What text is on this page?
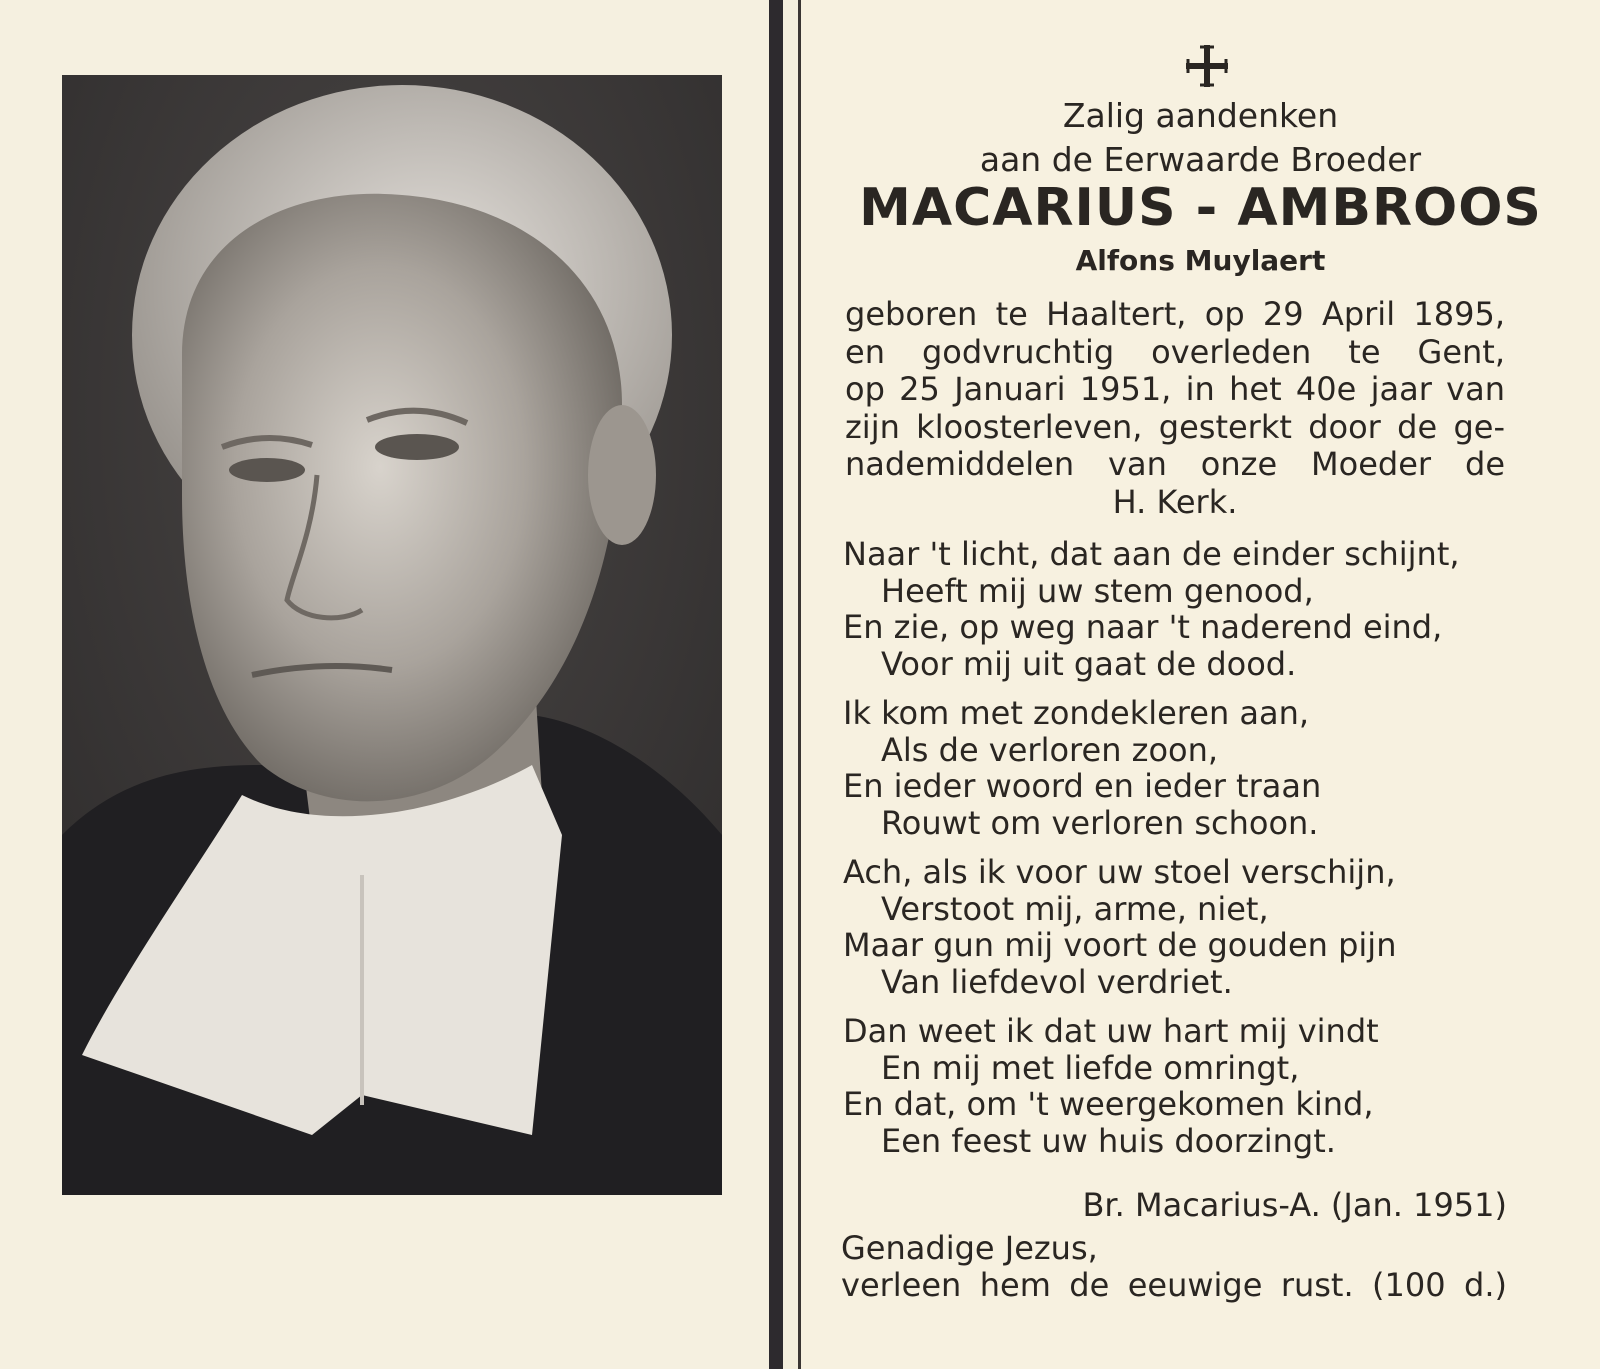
Zalig aandenken
aan de Eerwaarde Broeder
MACARIUS - AMBROOS
Alfons Muylaert
geboren te Haaltert, op 29 April 1895,
en godvruchtig overleden te Gent,
op 25 Januari 1951, in het 40e jaar van
zijn kloosterleven, gesterkt door de ge-
nademiddelen van onze Moeder de
H. Kerk.
Naar 't licht, dat aan de einder schijnt,
Heeft mij uw stem genood,
En zie, op weg naar 't naderend eind,
Voor mij uit gaat de dood.
Ik kom met zondekleren aan,
Als de verloren zoon,
En ieder woord en ieder traan
Rouwt om verloren schoon.
Ach, als ik voor uw stoel verschijn,
Verstoot mij, arme, niet,
Maar gun mij voort de gouden pijn
Van liefdevol verdriet.
Dan weet ik dat uw hart mij vindt
En mij met liefde omringt,
En dat, om 't weergekomen kind,
Een feest uw huis doorzingt.
Br. Macarius-A. (Jan. 1951)
Genadige Jezus,
verleen hem de eeuwige rust. (100 d.)
